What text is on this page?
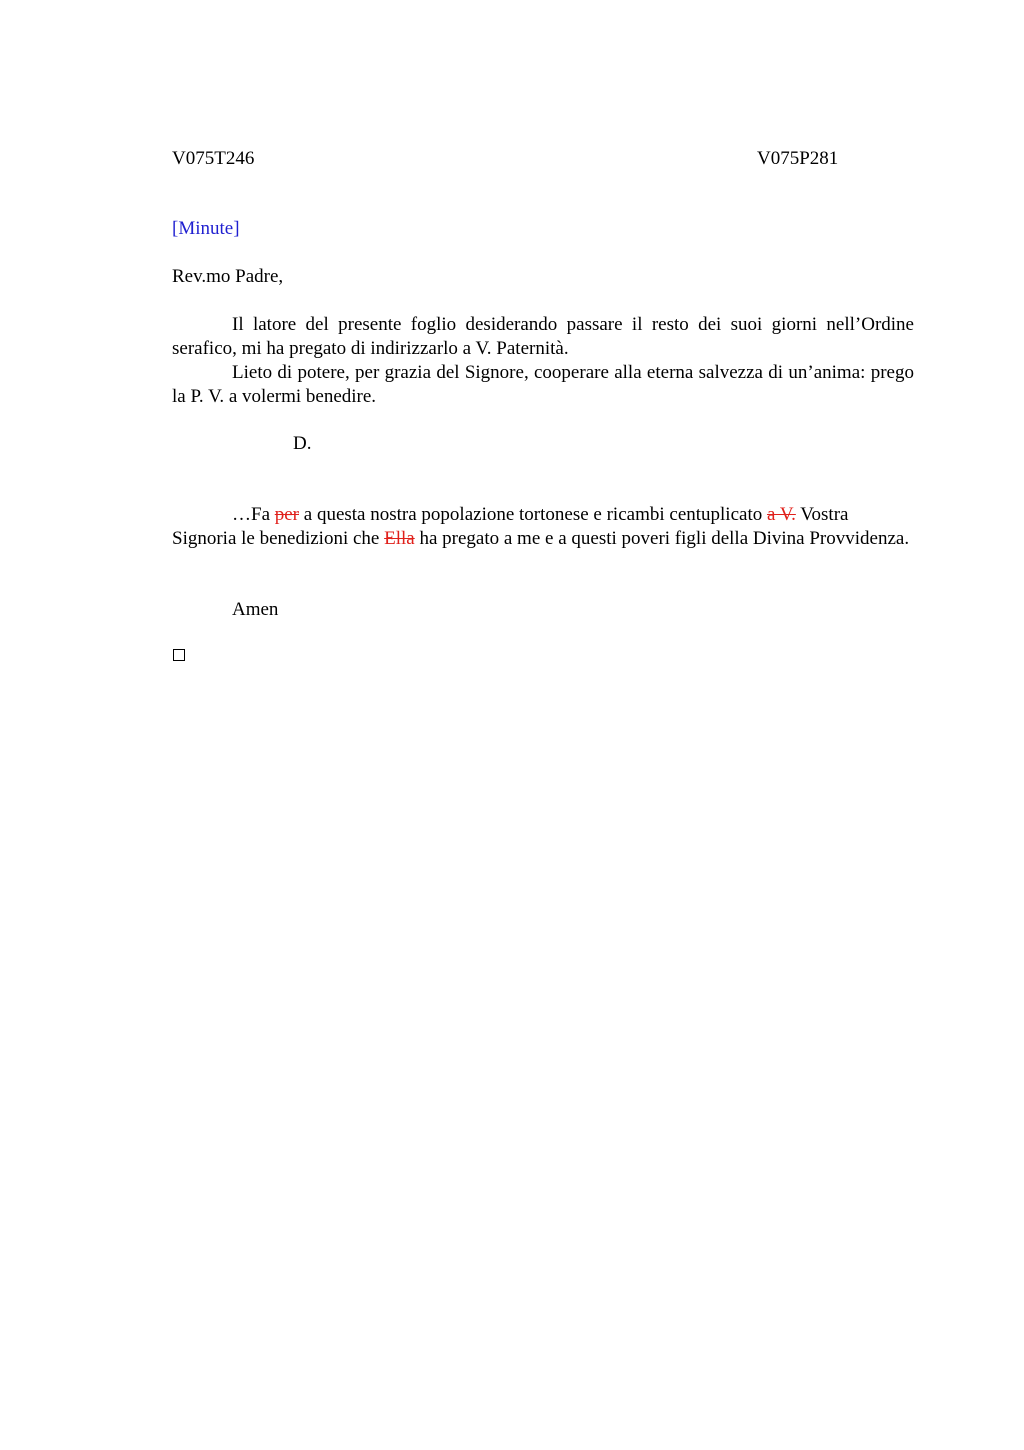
V075T246	V075P281
[Minute]
Rev.mo Padre,

Il latore del presente foglio desiderando passare il resto dei suoi giorni nell’Ordine serafico, mi ha pregato di indirizzarlo a V. Paternità.

Lieto di potere, per grazia del Signore, cooperare alla eterna salvezza di un’anima: prego la P. V. a volermi benedire.

D.

…Fa per a questa nostra popolazione tortonese e ricambi centuplicato a V. Vostra Signoria le benedizioni che Ella ha pregato a me e a questi poveri figli della Divina Provvidenza.

Amen
